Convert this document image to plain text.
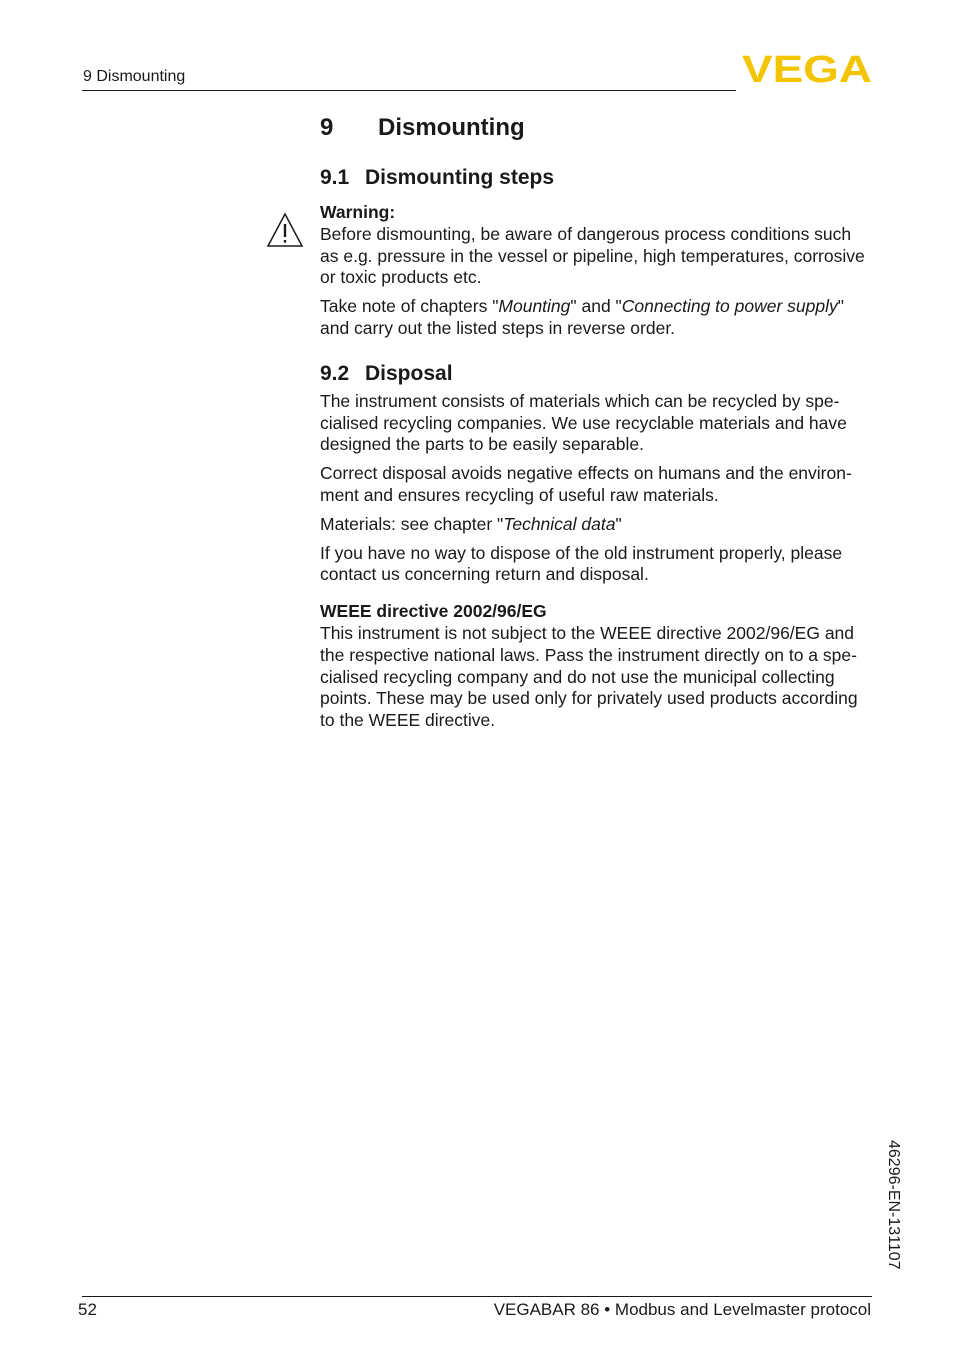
9 Dismounting	VEGA
9 Dismounting
9.1 Dismounting steps

Warning:

Before dismounting, be aware of dangerous process conditions such as e.g. pressure in the vessel or pipeline, high temperatures, corrosive or toxic products etc.

Take note of chapters "Mounting" and "Connecting to power supply" and carry out the listed steps in reverse order.

9.2 Disposal

The instrument consists of materials which can be recycled by specialised recycling companies. We use recyclable materials and have designed the parts to be easily separable.

Correct disposal avoids negative effects on humans and the environment and ensures recycling of useful raw materials.

Materials: see chapter "Technical data"

If you have no way to dispose of the old instrument properly, please contact us concerning return and disposal.

WEEE directive 2002/96/EG

This instrument is not subject to the WEEE directive 2002/96/EG and the respective national laws. Pass the instrument directly on to a specialised recycling company and do not use the municipal collecting points. These may be used only for privately used products according to the WEEE directive.

46296-EN-131107
52	VEGABAR 86 • Modbus and Levelmaster protocol
